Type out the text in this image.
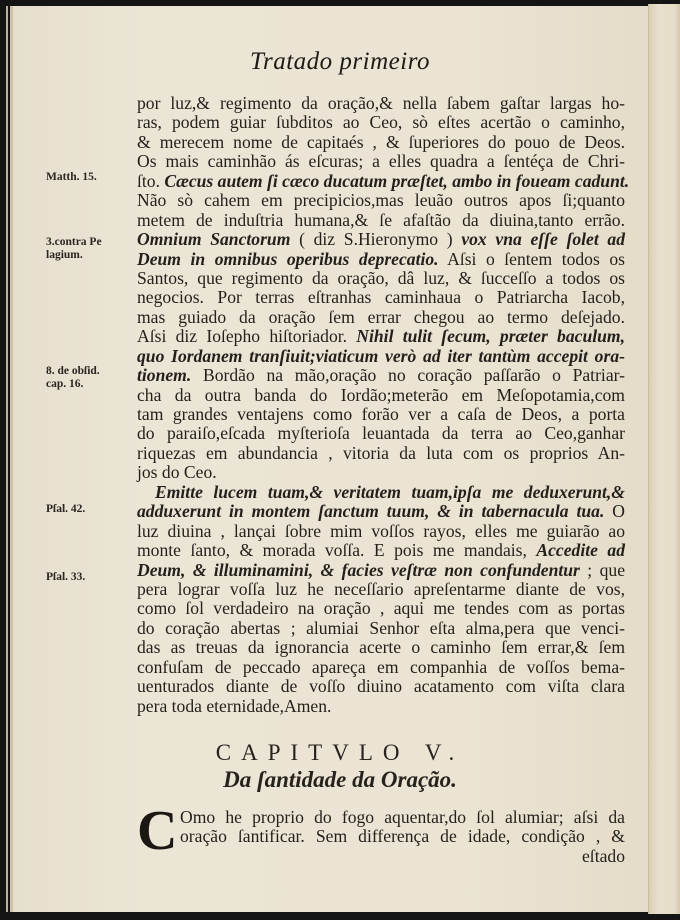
Tratado primeiro
Matth. 15.
3.contra Pe lagium.
8. de obſid. cap. 16.
Pſal. 42.
Pſal. 33.
por luz,& regimento da oração,& nella ſabem gaſtar largas ho-
ras, podem guiar ſubditos ao Ceo, sò eſtes acertão o caminho,
& merecem nome de capitaés , & ſuperiores do pouo de Deos.
Os mais caminhão ás eſcuras; a elles quadra a ſentéça de Chri-
ſto. Cæcus autem ſi cæco ducatum præſtet, ambo in foueam cadunt.
Não sò cahem em precipicios,mas leuão outros apos ſi;quanto
metem de induſtria humana,& ſe afaſtão da diuina,tanto errão.
Omnium Sanctorum ( diz S.Hieronymo ) vox vna eſſe ſolet ad
Deum in omnibus operibus deprecatio. Aſsi o ſentem todos os
Santos, que regimento da oração, dâ luz, & ſucceſſo a todos os
negocios. Por terras eſtranhas caminhaua o Patriarcha Iacob,
mas guiado da oração ſem errar chegou ao termo deſejado.
Aſsi diz Ioſepho hiſtoriador. Nihil tulit ſecum, præter baculum,
quo Iordanem tranſiuit;viaticum verò ad iter tantùm accepit ora-
tionem. Bordão na mão,oração no coração paſſarão o Patriar-
cha da outra banda do Iordão;meterão em Meſopotamia,com
tam grandes ventajens como forão ver a caſa de Deos, a porta
do paraiſo,eſcada myſterioſa leuantada da terra ao Ceo,ganhar
riquezas em abundancia , vitoria da luta com os proprios An-
jos do Ceo.
Emitte lucem tuam,& veritatem tuam,ipſa me deduxerunt,&
adduxerunt in montem ſanctum tuum, & in tabernacula tua. O
luz diuina , lançai ſobre mim voſſos rayos, elles me guiarão ao
monte ſanto, & morada voſſa. E pois me mandais, Accedite ad
Deum, & illuminamini, & facies veſtræ non confundentur ; que
pera lograr voſſa luz he neceſſario apreſentarme diante de vos,
como ſol verdadeiro na oração , aqui me tendes com as portas
do coração abertas ; alumiai Senhor eſta alma,pera que venci-
das as treuas da ignorancia acerte o caminho ſem errar,& ſem
confuſam de peccado apareça em companhia de voſſos bema-
uenturados diante de voſſo diuino acatamento com viſta clara
pera toda eternidade,Amen.
CAPITVLO V.
Da ſantidade da Oração.
C Omo he proprio do fogo aquentar,do ſol alumiar; aſsi da
oração ſantificar. Sem differença de idade, condição , &
eſtado
